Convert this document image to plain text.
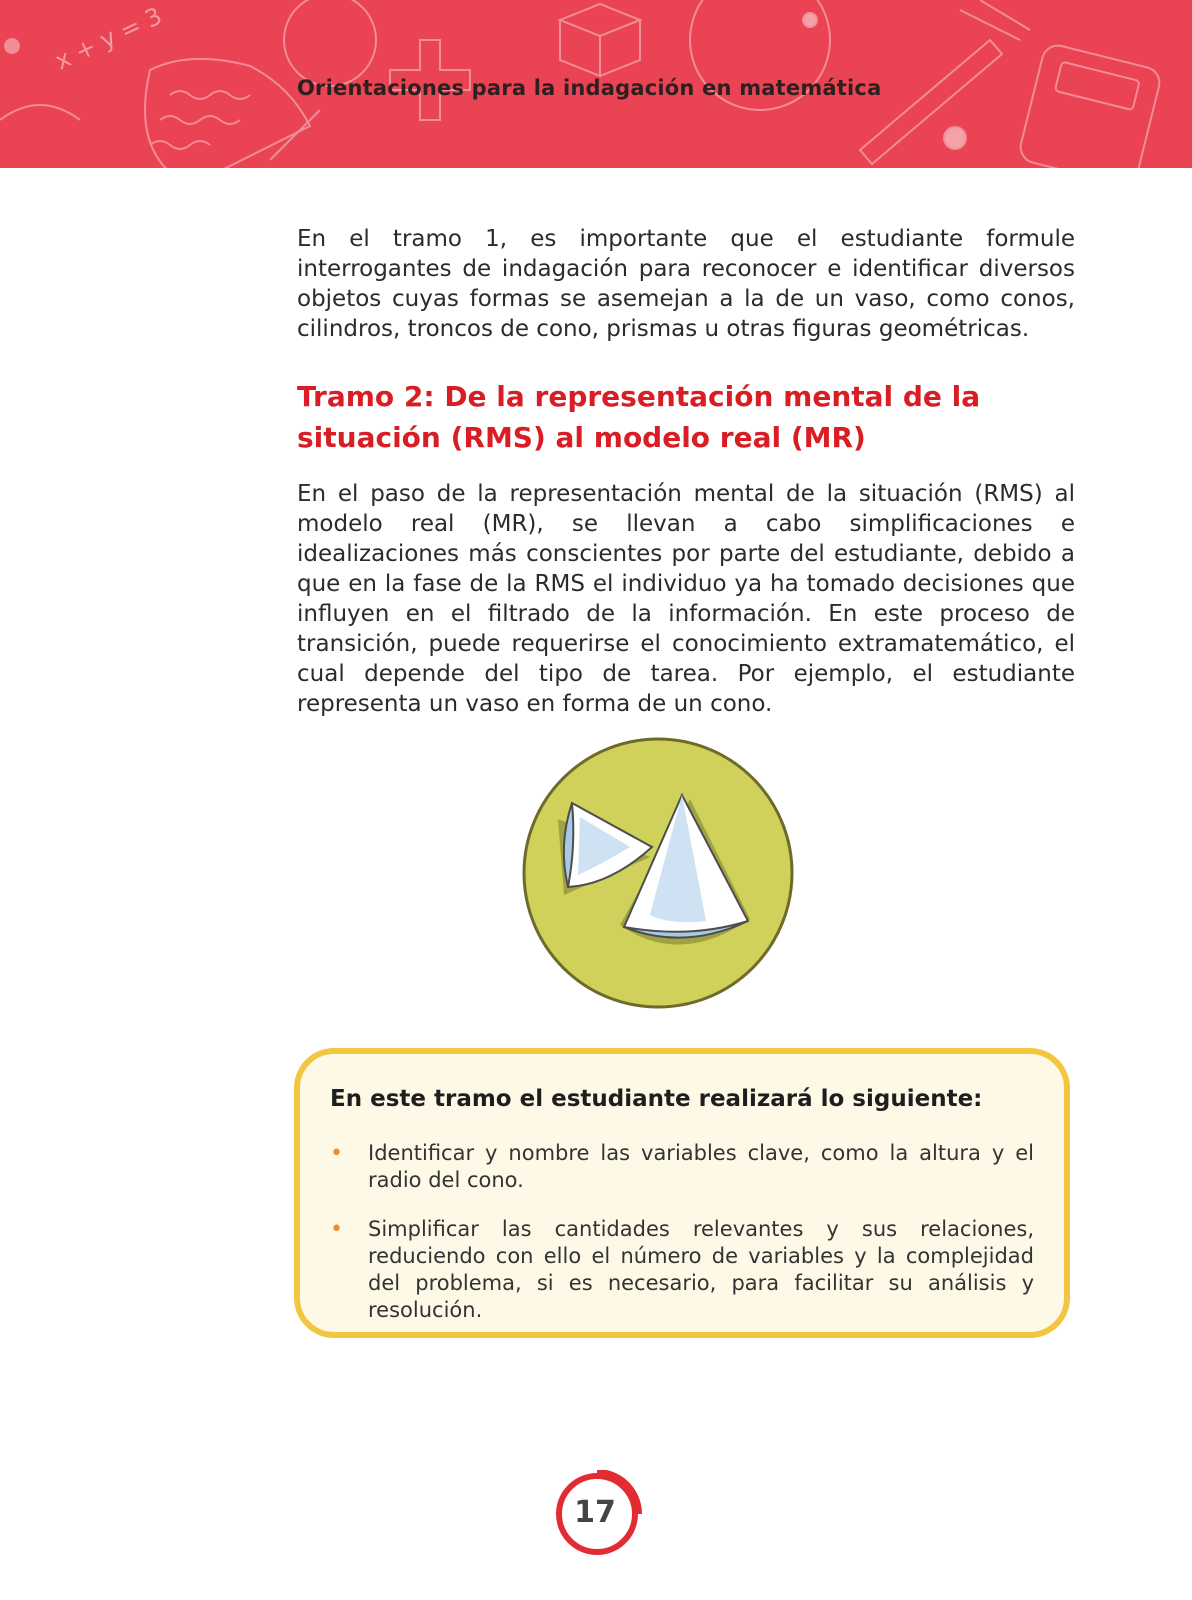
x + y = 3
Orientaciones para la indagación en matemática

En el tramo 1, es importante que el estudiante formule interrogantes de indagación para reconocer e identificar diversos objetos cuyas formas se asemejan a la de un vaso, como conos, cilindros, troncos de cono, prismas u otras figuras geométricas.

Tramo 2: De la representación mental de la situación (RMS) al modelo real (MR)

En el paso de la representación mental de la situación (RMS) al modelo real (MR), se llevan a cabo simplificaciones e idealizaciones más conscientes por parte del estudiante, debido a que en la fase de la RMS el individuo ya ha tomado decisiones que influyen en el filtrado de la información. En este proceso de transición, puede requerirse el conocimiento extramatemático, el cual depende del tipo de tarea. Por ejemplo, el estudiante representa un vaso en forma de un cono.

En este tramo el estudiante realizará lo siguiente:

• Identificar y nombre las variables clave, como la altura y el radio del cono.
• Simplificar las cantidades relevantes y sus relaciones, reduciendo con ello el número de variables y la complejidad del problema, si es necesario, para facilitar su análisis y resolución.
17
